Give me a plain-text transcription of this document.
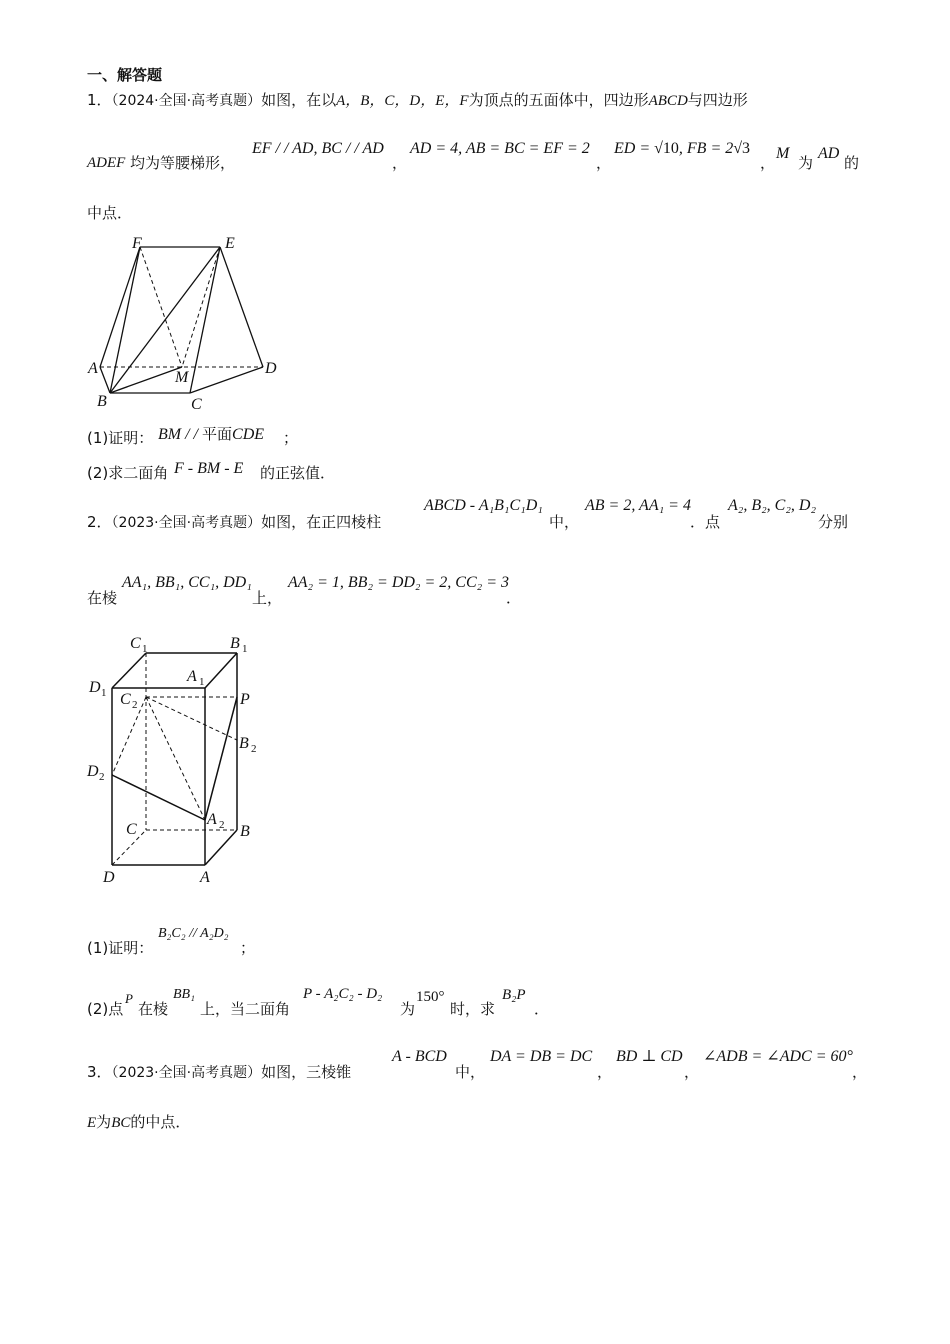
一、解答题
1．（2024·全国·高考真题）如图，在以A，B，C，D，E，F为顶点的五面体中，四边形ABCD与四边形
ADEF 均为等腰梯形，
EF / / AD, BC / / AD
，
AD = 4, AB = BC = EF = 2
，
ED = √10, FB = 2√3
，
M
为
AD
的
中点．
F	E
A
M
D
B	C
(1)证明： BM / / 平面CDE ；
(2)求二面角 F - BM - E 的正弦值．
2．（2023·全国·高考真题）如图，在正四棱柱
ABCD - A₁B₁C₁D₁
中，
AB = 2, AA₁ = 4
．点
A₂, B₂, C₂, D₂
分别
在棱
AA₁, BB₁, CC₁, DD₁
上，
AA₂ = 1, BB₂ = DD₂ = 2, CC₂ = 3
．
C 1	B 1
A 1
D 1 C 2	P
B 2
D 2
A 2
C	B
D	A
(1)证明：
B₂C₂ // A₂D₂
；
(2)点
P
在棱
BB₁
上，当二面角
P - A₂C₂ - D₂
为
150°
时，求
B₂P
．
3．（2023·全国·高考真题）如图，三棱锥
A - BCD
中，
DA = DB = DC
，
BD ⊥ CD
，
∠ADB = ∠ADC = 60°
，
E为BC的中点．
